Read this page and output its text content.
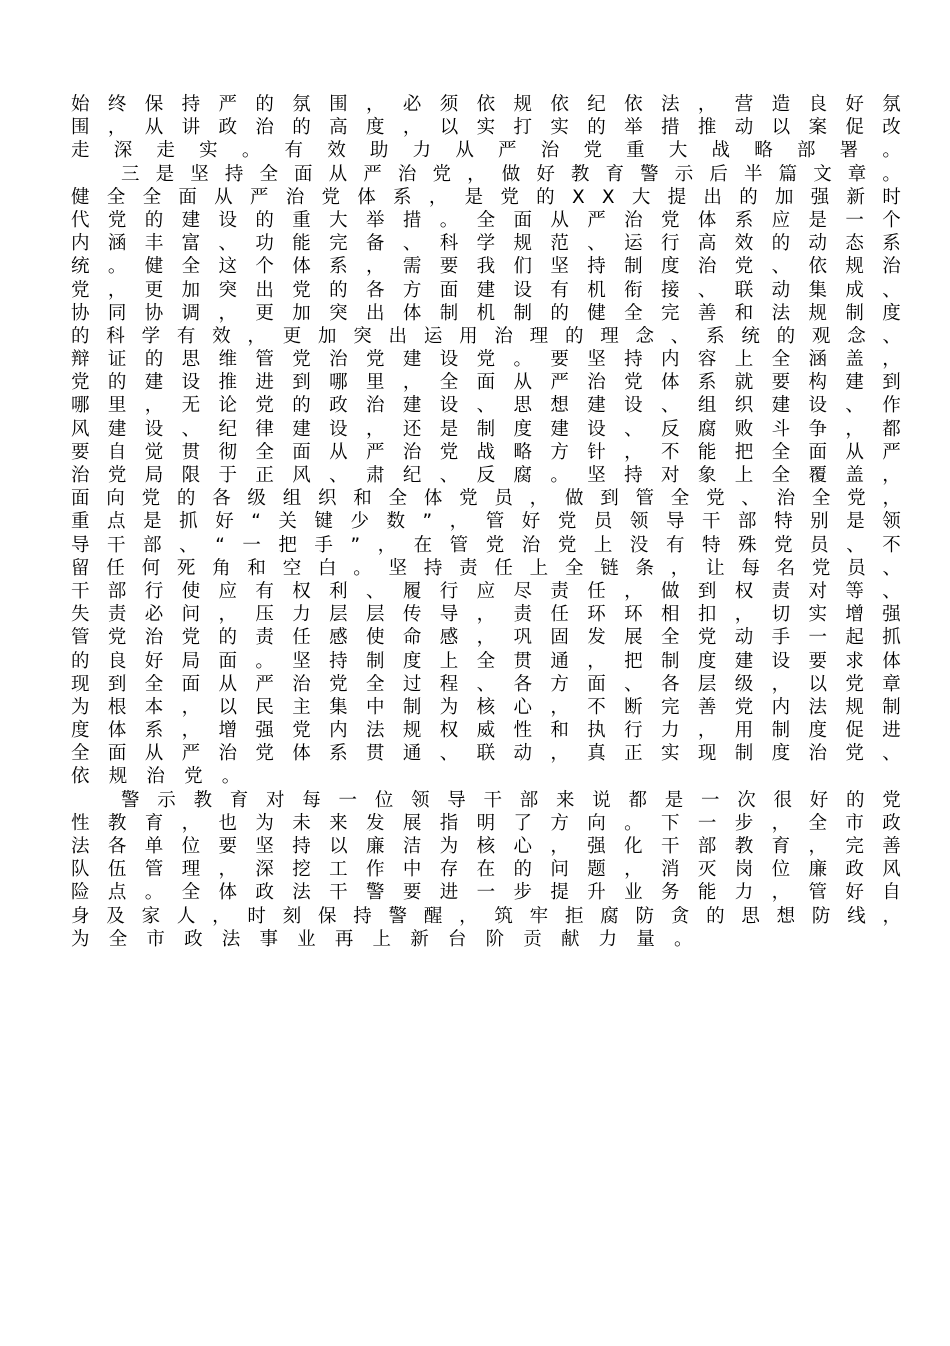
始 终 保 持 严 的 氛 围 ， 必 须 依 规 依 纪 依 法 ， 营 造 良 好 氛
围 ， 从 讲 政 治 的 高 度 ， 以 实 打 实 的 举 措 推 动 以 案 促 改
走 深 走 实 。 有 效 助 力 从 严 治 党 重 大 战 略 部 署 。
三 是 坚 持 全 面 从 严 治 党 ， 做 好 教 育 警 示 后 半 篇 文 章 。
健 全 全 面 从 严 治 党 体 系 ， 是 党 的 X X 大 提 出 的 加 强 新 时
代 党 的 建 设 的 重 大 举 措 。 全 面 从 严 治 党 体 系 应 是 一 个
内 涵 丰 富 、 功 能 完 备 、 科 学 规 范 、 运 行 高 效 的 动 态 系
统 。 健 全 这 个 体 系 ， 需 要 我 们 坚 持 制 度 治 党 、 依 规 治
党 ， 更 加 突 出 党 的 各 方 面 建 设 有 机 衔 接 、 联 动 集 成 、
协 同 协 调 ， 更 加 突 出 体 制 机 制 的 健 全 完 善 和 法 规 制 度
的 科 学 有 效 ， 更 加 突 出 运 用 治 理 的 理 念 、 系 统 的 观 念 、
辩 证 的 思 维 管 党 治 党 建 设 党 。 要 坚 持 内 容 上 全 涵 盖 ，
党 的 建 设 推 进 到 哪 里 ， 全 面 从 严 治 党 体 系 就 要 构 建 到
哪 里 ， 无 论 党 的 政 治 建 设 、 思 想 建 设 、 组 织 建 设 、 作
风 建 设 、 纪 律 建 设 ， 还 是 制 度 建 设 、 反 腐 败 斗 争 ， 都
要 自 觉 贯 彻 全 面 从 严 治 党 战 略 方 针 ， 不 能 把 全 面 从 严
治 党 局 限 于 正 风 、 肃 纪 、 反 腐 。 坚 持 对 象 上 全 覆 盖 ，
面 向 党 的 各 级 组 织 和 全 体 党 员 ， 做 到 管 全 党 、 治 全 党 ，
重 点 是 抓 好 “ 关 键 少 数 ” ， 管 好 党 员 领 导 干 部 特 别 是 领
导 干 部 、 “ 一 把 手 ” ， 在 管 党 治 党 上 没 有 特 殊 党 员 、 不
留 任 何 死 角 和 空 白 。 坚 持 责 任 上 全 链 条 ， 让 每 名 党 员 、
干 部 行 使 应 有 权 利 、 履 行 应 尽 责 任 ， 做 到 权 责 对 等 、
失 责 必 问 ， 压 力 层 层 传 导 ， 责 任 环 环 相 扣 ， 切 实 增 强
管 党 治 党 的 责 任 感 使 命 感 ， 巩 固 发 展 全 党 动 手 一 起 抓
的 良 好 局 面 。 坚 持 制 度 上 全 贯 通 ， 把 制 度 建 设 要 求 体
现 到 全 面 从 严 治 党 全 过 程 、 各 方 面 、 各 层 级 ， 以 党 章
为 根 本 ， 以 民 主 集 中 制 为 核 心 ， 不 断 完 善 党 内 法 规 制
度 体 系 ， 增 强 党 内 法 规 权 威 性 和 执 行 力 ， 用 制 度 促 进
全 面 从 严 治 党 体 系 贯 通 、 联 动 ， 真 正 实 现 制 度 治 党 、
依	规	治	党	。
警 示 教 育 对 每 一 位 领 导 干 部 来 说 都 是 一 次 很 好 的 党
性 教 育 ， 也 为 未 来 发 展 指 明 了 方 向 。 下 一 步 ， 全 市 政
法 各 单 位 要 坚 持 以 廉 洁 为 核 心 ， 强 化 干 部 教 育 ， 完 善
队 伍 管 理 ， 深 挖 工 作 中 存 在 的 问 题 ， 消 灭 岗 位 廉 政 风
险 点 。 全 体 政 法 干 警 要 进 一 步 提 升 业 务 能 力 ， 管 好 自
身 及 家 人 ， 时 刻 保 持 警 醒 ， 筑 牢 拒 腐 防 贪 的 思 想 防 线 ，
为	全	市	政	法	事	业	再	上	新	台	阶	贡	献	力	量	。
